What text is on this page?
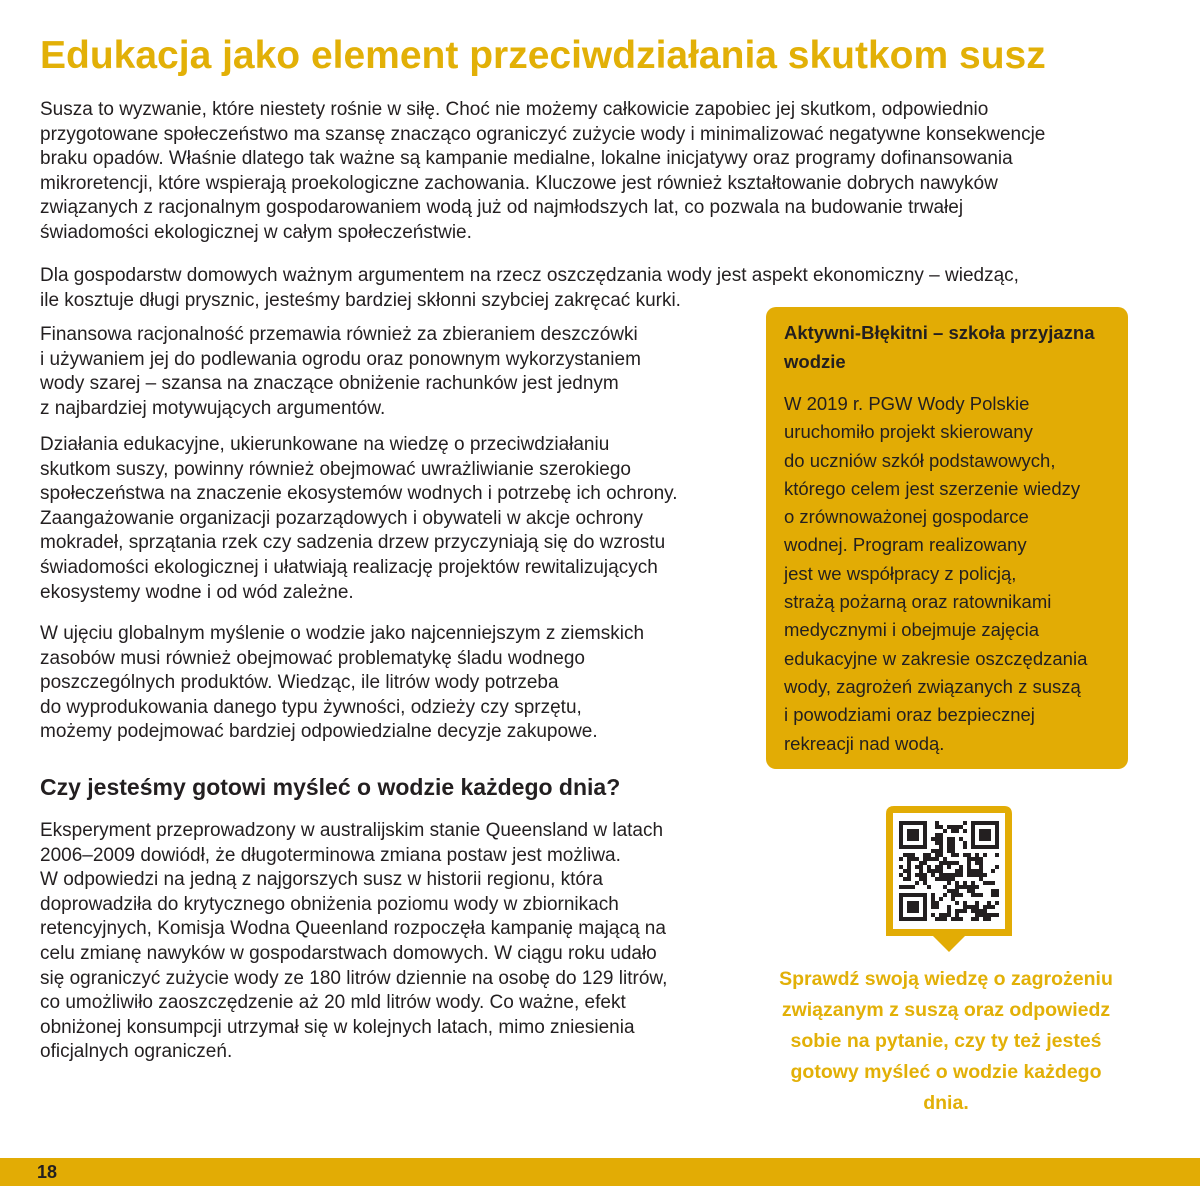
Edukacja jako element przeciwdziałania skutkom susz

Susza to wyzwanie, które niestety rośnie w siłę. Choć nie możemy całkowicie zapobiec jej skutkom, odpowiednio
przygotowane społeczeństwo ma szansę znacząco ograniczyć zużycie wody i minimalizować negatywne konsekwencje
braku opadów. Właśnie dlatego tak ważne są kampanie medialne, lokalne inicjatywy oraz programy dofinansowania
mikroretencji, które wspierają proekologiczne zachowania. Kluczowe jest również kształtowanie dobrych nawyków
związanych z racjonalnym gospodarowaniem wodą już od najmłodszych lat, co pozwala na budowanie trwałej
świadomości ekologicznej w całym społeczeństwie.

Dla gospodarstw domowych ważnym argumentem na rzecz oszczędzania wody jest aspekt ekonomiczny – wiedząc,
ile kosztuje długi prysznic, jesteśmy bardziej skłonni szybciej zakręcać kurki.

Finansowa racjonalność przemawia również za zbieraniem deszczówki
i używaniem jej do podlewania ogrodu oraz ponownym wykorzystaniem
wody szarej – szansa na znaczące obniżenie rachunków jest jednym
z najbardziej motywujących argumentów.

Działania edukacyjne, ukierunkowane na wiedzę o przeciwdziałaniu
skutkom suszy, powinny również obejmować uwrażliwianie szerokiego
społeczeństwa na znaczenie ekosystemów wodnych i potrzebę ich ochrony.
Zaangażowanie organizacji pozarządowych i obywateli w akcje ochrony
mokradeł, sprzątania rzek czy sadzenia drzew przyczyniają się do wzrostu
świadomości ekologicznej i ułatwiają realizację projektów rewitalizujących
ekosystemy wodne i od wód zależne.

W ujęciu globalnym myślenie o wodzie jako najcenniejszym z ziemskich
zasobów musi również obejmować problematykę śladu wodnego
poszczególnych produktów. Wiedząc, ile litrów wody potrzeba
do wyprodukowania danego typu żywności, odzieży czy sprzętu,
możemy podejmować bardziej odpowiedzialne decyzje zakupowe.

Czy jesteśmy gotowi myśleć o wodzie każdego dnia?

Eksperyment przeprowadzony w australijskim stanie Queensland w latach
2006–2009 dowiódł, że długoterminowa zmiana postaw jest możliwa.
W odpowiedzi na jedną z najgorszych susz w historii regionu, która
doprowadziła do krytycznego obniżenia poziomu wody w zbiornikach
retencyjnych, Komisja Wodna Queenland rozpoczęła kampanię mającą na
celu zmianę nawyków w gospodarstwach domowych. W ciągu roku udało
się ograniczyć zużycie wody ze 180 litrów dziennie na osobę do 129 litrów,
co umożliwiło zaoszczędzenie aż 20 mld litrów wody. Co ważne, efekt
obniżonej konsumpcji utrzymał się w kolejnych latach, mimo zniesienia
oficjalnych ograniczeń.

Aktywni-Błękitni – szkoła przyjazna
wodzie

W 2019 r. PGW Wody Polskie
uruchomiło projekt skierowany
do uczniów szkół podstawowych,
którego celem jest szerzenie wiedzy
o zrównoważonej gospodarce
wodnej. Program realizowany
jest we współpracy z policją,
strażą pożarną oraz ratownikami
medycznymi i obejmuje zajęcia
edukacyjne w zakresie oszczędzania
wody, zagrożeń związanych z suszą
i powodziami oraz bezpiecznej
rekreacji nad wodą.

Sprawdź swoją wiedzę o zagrożeniu
związanym z suszą oraz odpowiedz
sobie na pytanie, czy ty też jesteś
gotowy myśleć o wodzie każdego
dnia.

18
